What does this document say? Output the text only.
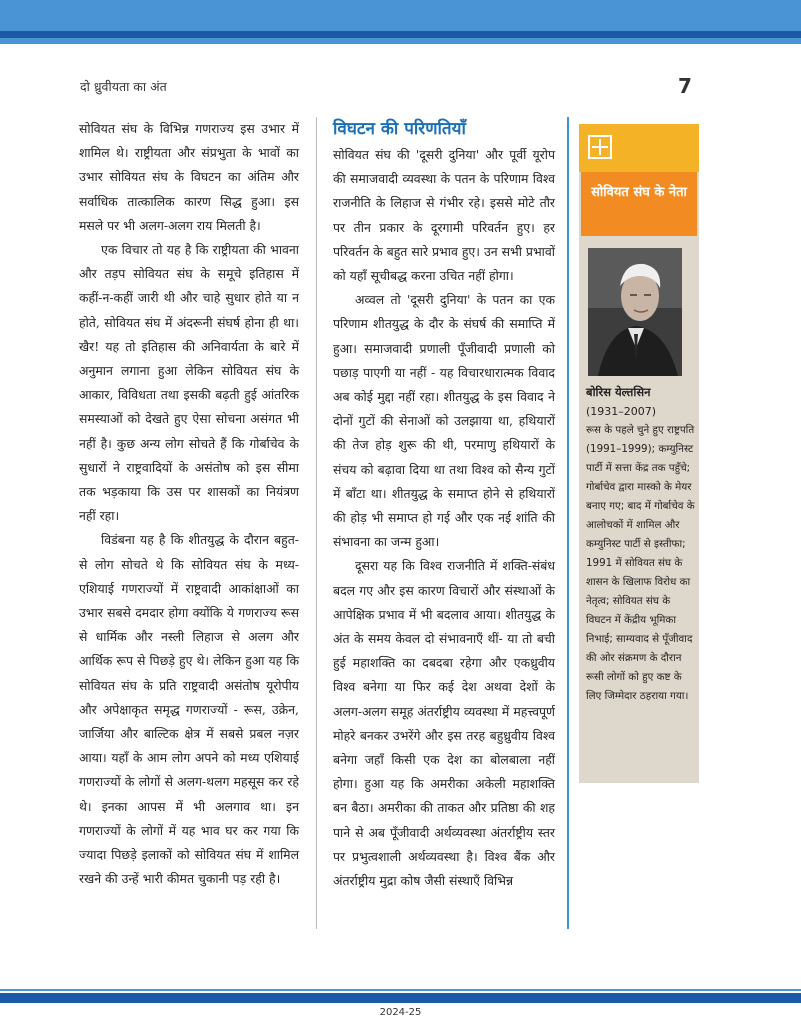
दो ध्रुवीयता का अंत	7

सोवियत संघ के विभिन्न गणराज्य इस उभार में शामिल थे। राष्ट्रीयता और संप्रभुता के भावों का उभार सोवियत संघ के विघटन का अंतिम और सर्वाधिक तात्कालिक कारण सिद्ध हुआ। इस मसले पर भी अलग-अलग राय मिलती है।

एक विचार तो यह है कि राष्ट्रीयता की भावना और तड़प सोवियत संघ के समूचे इतिहास में कहीं-न-कहीं जारी थी और चाहे सुधार होते या न होते, सोवियत संघ में अंदरूनी संघर्ष होना ही था। खैर! यह तो इतिहास की अनिवार्यता के बारे में अनुमान लगाना हुआ लेकिन सोवियत संघ के आकार, विविधता तथा इसकी बढ़ती हुई आंतरिक समस्याओं को देखते हुए ऐसा सोचना असंगत भी नहीं है। कुछ अन्य लोग सोचते हैं कि गोर्बाचेव के सुधारों ने राष्ट्रवादियों के असंतोष को इस सीमा तक भड़काया कि उस पर शासकों का नियंत्रण नहीं रहा।

विडंबना यह है कि शीतयुद्ध के दौरान बहुत-से लोग सोचते थे कि सोवियत संघ के मध्य-एशियाई गणराज्यों में राष्ट्रवादी आकांक्षाओं का उभार सबसे दमदार होगा क्योंकि ये गणराज्य रूस से धार्मिक और नस्ली लिहाज से अलग और आर्थिक रूप से पिछड़े हुए थे। लेकिन हुआ यह कि सोवियत संघ के प्रति राष्ट्रवादी असंतोष यूरोपीय और अपेक्षाकृत समृद्ध गणराज्यों - रूस, उक्रेन, जार्जिया और बाल्टिक क्षेत्र में सबसे प्रबल नज़र आया। यहाँ के आम लोग अपने को मध्य एशियाई गणराज्यों के लोगों से अलग-थलग महसूस कर रहे थे। इनका आपस में भी अलगाव था। इन गणराज्यों के लोगों में यह भाव घर कर गया कि ज्यादा पिछड़े इलाकों को सोवियत संघ में शामिल रखने की उन्हें भारी कीमत चुकानी पड़ रही है।

विघटन की परिणतियाँ

सोवियत संघ की 'दूसरी दुनिया' और पूर्वी यूरोप की समाजवादी व्यवस्था के पतन के परिणाम विश्व राजनीति के लिहाज से गंभीर रहे। इससे मोटे तौर पर तीन प्रकार के दूरगामी परिवर्तन हुए। हर परिवर्तन के बहुत सारे प्रभाव हुए। उन सभी प्रभावों को यहाँ सूचीबद्ध करना उचित नहीं होगा।

अव्वल तो 'दूसरी दुनिया' के पतन का एक परिणाम शीतयुद्ध के दौर के संघर्ष की समाप्ति में हुआ। समाजवादी प्रणाली पूँजीवादी प्रणाली को पछाड़ पाएगी या नहीं - यह विचारधारात्मक विवाद अब कोई मुद्दा नहीं रहा। शीतयुद्ध के इस विवाद ने दोनों गुटों की सेनाओं को उलझाया था, हथियारों की तेज होड़ शुरू की थी, परमाणु हथियारों के संचय को बढ़ावा दिया था तथा विश्व को सैन्य गुटों में बाँटा था। शीतयुद्ध के समाप्त होने से हथियारों की होड़ भी समाप्त हो गई और एक नई शांति की संभावना का जन्म हुआ।

दूसरा यह कि विश्व राजनीति में शक्ति-संबंध बदल गए और इस कारण विचारों और संस्थाओं के आपेक्षिक प्रभाव में भी बदलाव आया। शीतयुद्ध के अंत के समय केवल दो संभावनाएँ थीं- या तो बची हुई महाशक्ति का दबदबा रहेगा और एकध्रुवीय विश्व बनेगा या फिर कई देश अथवा देशों के अलग-अलग समूह अंतर्राष्ट्रीय व्यवस्था में महत्त्वपूर्ण मोहरे बनकर उभरेंगे और इस तरह बहुध्रुवीय विश्व बनेगा जहाँ किसी एक देश का बोलबाला नहीं होगा। हुआ यह कि अमरीका अकेली महाशक्ति बन बैठा। अमरीका की ताकत और प्रतिष्ठा की शह पाने से अब पूँजीवादी अर्थव्यवस्था अंतर्राष्ट्रीय स्तर पर प्रभुत्वशाली अर्थव्यवस्था है। विश्व बैंक और अंतर्राष्ट्रीय मुद्रा कोष जैसी संस्थाएँ विभिन्न

सोवियत संघ के नेता
बोरिस येल्तसिन
(1931–2007)
रूस के पहले चुने हुए राष्ट्रपति (1991–1999); कम्युनिस्ट पार्टी में सत्ता केंद्र तक पहुँचे; गोर्बाचेव द्वारा मास्को के मेयर बनाए गए; बाद में गोर्बाचेव के आलोचकों में शामिल और कम्युनिस्ट पार्टी से इस्तीफा; 1991 में सोवियत संघ के शासन के खिलाफ विरोध का नेतृत्व; सोवियत संघ के विघटन में केंद्रीय भूमिका निभाई; साम्यवाद से पूँजीवाद की ओर संक्रमण के दौरान रूसी लोगों को हुए कष्ट के लिए जिम्मेदार ठहराया गया।
2024-25
